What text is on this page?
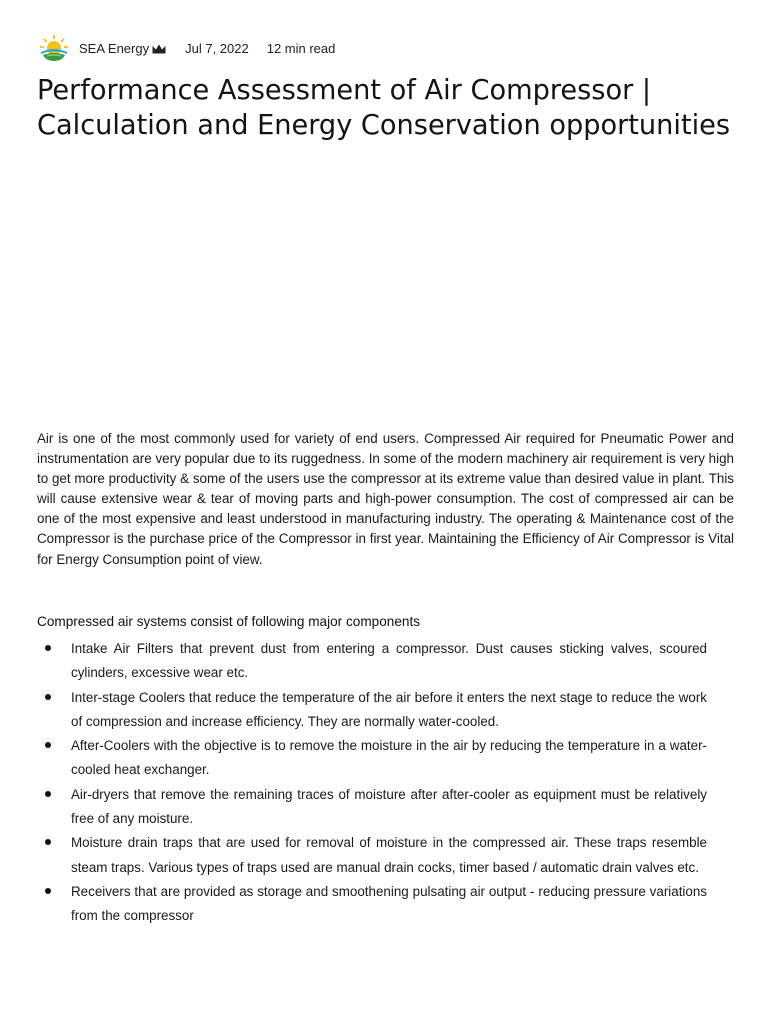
SEA Energy	Jul 7, 2022 12 min read
Performance Assessment of Air Compressor | Calculation and Energy Conservation opportunities

Air is one of the most commonly used for variety of end users. Compressed Air required for Pneumatic Power and instrumentation are very popular due to its ruggedness. In some of the modern machinery air requirement is very high to get more productivity & some of the users use the compressor at its extreme value than desired value in plant. This will cause extensive wear & tear of moving parts and high-power consumption. The cost of compressed air can be one of the most expensive and least understood in manufacturing industry. The operating & Maintenance cost of the Compressor is the purchase price of the Compressor in first year. Maintaining the Efficiency of Air Compressor is Vital for Energy Consumption point of view.

Compressed air systems consist of following major components

Intake Air Filters that prevent dust from entering a compressor. Dust causes sticking valves, scoured cylinders, excessive wear etc.
Inter-stage Coolers that reduce the temperature of the air before it enters the next stage to reduce the work of compression and increase efficiency. They are normally water-cooled.
After-Coolers with the objective is to remove the moisture in the air by reducing the temperature in a water-cooled heat exchanger.
Air-dryers that remove the remaining traces of moisture after after-cooler as equipment must be relatively free of any moisture.
Moisture drain traps that are used for removal of moisture in the compressed air. These traps resemble steam traps. Various types of traps used are manual drain cocks, timer based / automatic drain valves etc.
Receivers that are provided as storage and smoothening pulsating air output - reducing pressure variations from the compressor
